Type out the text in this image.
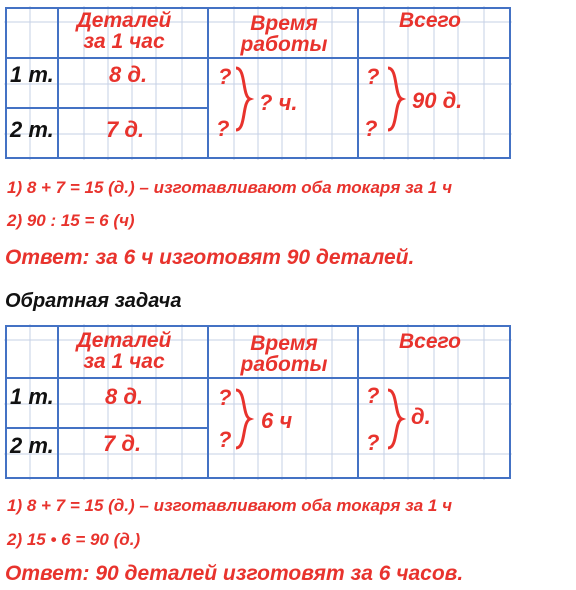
Деталей
за 1 час
Время
работы
Всего
1 т.
2 т.
8 д.
7 д.
?
?
? ч.
?
?
90 д.
1) 8 + 7 = 15 (д.) – изготавливают оба токаря за 1 ч
2) 90 : 15 = 6 (ч)
Ответ: за 6 ч изготовят 90 деталей.
Обратная задача
Деталей
за 1 час
Время
работы
Всего
1 т.
2 т.
8 д.
7 д.
?
?
6 ч
?
?
д.
1) 8 + 7 = 15 (д.) – изготавливают оба токаря за 1 ч
2) 15 • 6 = 90 (д.)
Ответ: 90 деталей изготовят за 6 часов.
